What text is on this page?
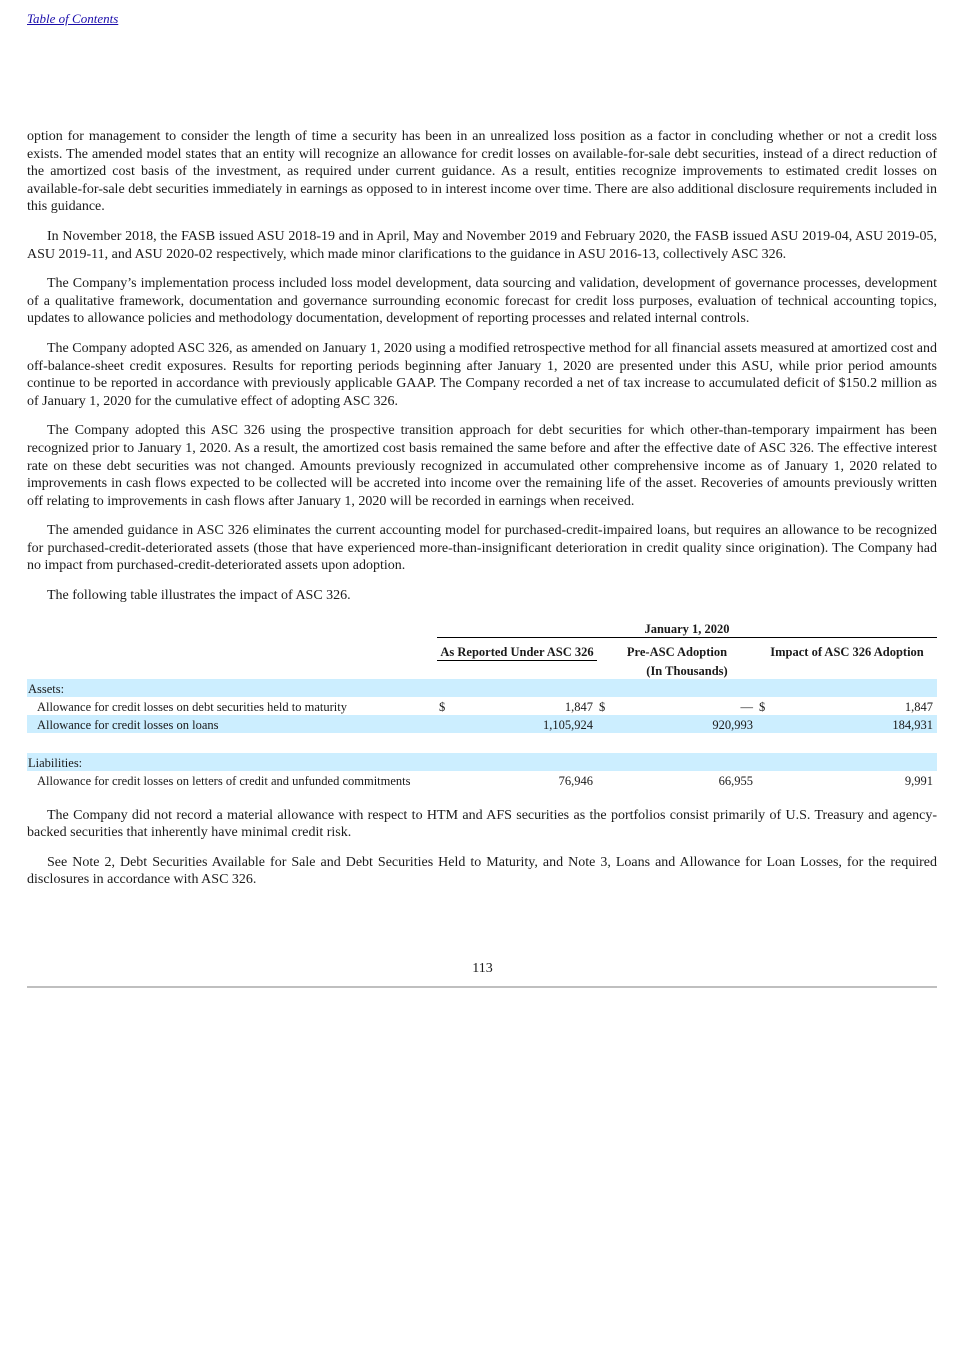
Table of Contents

option for management to consider the length of time a security has been in an unrealized loss position as a factor in concluding whether or not a credit loss exists. The amended model states that an entity will recognize an allowance for credit losses on available-for-sale debt securities, instead of a direct reduction of the amortized cost basis of the investment, as required under current guidance. As a result, entities recognize improvements to estimated credit losses on available-for-sale debt securities immediately in earnings as opposed to in interest income over time. There are also additional disclosure requirements included in this guidance.

In November 2018, the FASB issued ASU 2018-19 and in April, May and November 2019 and February 2020, the FASB issued ASU 2019-04, ASU 2019-05, ASU 2019-11, and ASU 2020-02 respectively, which made minor clarifications to the guidance in ASU 2016-13, collectively ASC 326.

The Company’s implementation process included loss model development, data sourcing and validation, development of governance processes, development of a qualitative framework, documentation and governance surrounding economic forecast for credit loss purposes, evaluation of technical accounting topics, updates to allowance policies and methodology documentation, development of reporting processes and related internal controls.

The Company adopted ASC 326, as amended on January 1, 2020 using a modified retrospective method for all financial assets measured at amortized cost and off-balance-sheet credit exposures. Results for reporting periods beginning after January 1, 2020 are presented under this ASU, while prior period amounts continue to be reported in accordance with previously applicable GAAP. The Company recorded a net of tax increase to accumulated deficit of $150.2 million as of January 1, 2020 for the cumulative effect of adopting ASC 326.

The Company adopted this ASC 326 using the prospective transition approach for debt securities for which other-than-temporary impairment has been recognized prior to January 1, 2020. As a result, the amortized cost basis remained the same before and after the effective date of ASC 326. The effective interest rate on these debt securities was not changed. Amounts previously recognized in accumulated other comprehensive income as of January 1, 2020 related to improvements in cash flows expected to be collected will be accreted into income over the remaining life of the asset. Recoveries of amounts previously written off relating to improvements in cash flows after January 1, 2020 will be recorded in earnings when received.

The amended guidance in ASC 326 eliminates the current accounting model for purchased-credit-impaired loans, but requires an allowance to be recognized for purchased-credit-deteriorated assets (those that have experienced more-than-insignificant deterioration in credit quality since origination). The Company had no impact from purchased-credit-deteriorated assets upon adoption.

The following table illustrates the impact of ASC 326.

	January 1, 2020					
	As Reported Under ASC 326		Pre-ASC Adoption		Impact of ASC 326 Adoption	
	(In Thousands)					
Assets:						
Allowance for credit losses on debt securities held to maturity	$	1,847	$	—	$	1,847
Allowance for credit losses on loans		1,105,924		920,993		184,931

Liabilities:						
Allowance for credit losses on letters of credit and unfunded commitments		76,946		66,955		9,991

The Company did not record a material allowance with respect to HTM and AFS securities as the portfolios consist primarily of U.S. Treasury and agency-backed securities that inherently have minimal credit risk.

See Note 2, Debt Securities Available for Sale and Debt Securities Held to Maturity, and Note 3, Loans and Allowance for Loan Losses, for the required disclosures in accordance with ASC 326.

113
